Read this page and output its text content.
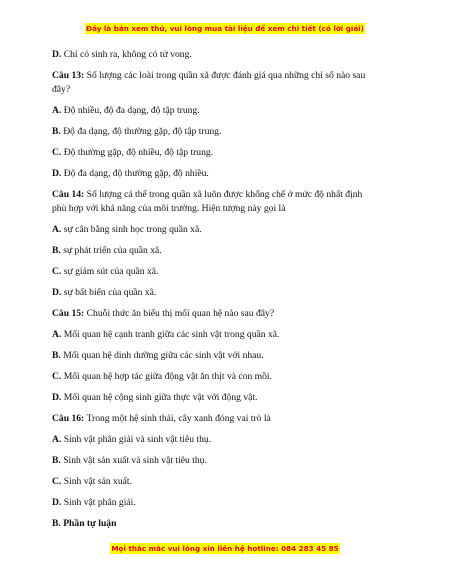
Đây là bản xem thử, vui lòng mua tài liệu để xem chi tiết (có lời giải)
D. Chỉ có sinh ra, không có tử vong.
Câu 13: Số lượng các loài trong quần xã được đánh giá qua những chỉ số nào sau
đây?
A. Độ nhiều, độ đa dạng, độ tập trung.
B. Độ đa dạng, độ thường gặp, độ tập trung.
C. Độ thường gặp, độ nhiều, độ tập trung.
D. Độ đa dạng, độ thường gặp, độ nhiều.
Câu 14: Số lượng cá thể trong quần xã luôn được khống chế ở mức độ nhất định
phù hợp với khả năng của môi trường. Hiện tượng này gọi là
A. sự cân bằng sinh học trong quần xã.
B. sự phát triển của quần xã.
C. sự giảm sút của quần xã.
D. sự bất biến của quần xã.
Câu 15: Chuỗi thức ăn biểu thị mối quan hệ nào sau đây?
A. Mối quan hệ cạnh tranh giữa các sinh vật trong quần xã.
B. Mối quan hệ dinh dưỡng giữa các sinh vật với nhau.
C. Mối quan hệ hợp tác giữa động vật ăn thịt và con mồi.
D. Mối quan hệ cộng sinh giữa thực vật với động vật.
Câu 16: Trong một hệ sinh thái, cây xanh đóng vai trò là
A. Sinh vật phân giải và sinh vật tiêu thụ.
B. Sinh vật sản xuất và sinh vật tiêu thụ.
C. Sinh vật sản xuất.
D. Sinh vật phân giải.
B. Phần tự luận
Mọi thắc mắc vui lòng xin liên hệ hotline: 084 283 45 85
